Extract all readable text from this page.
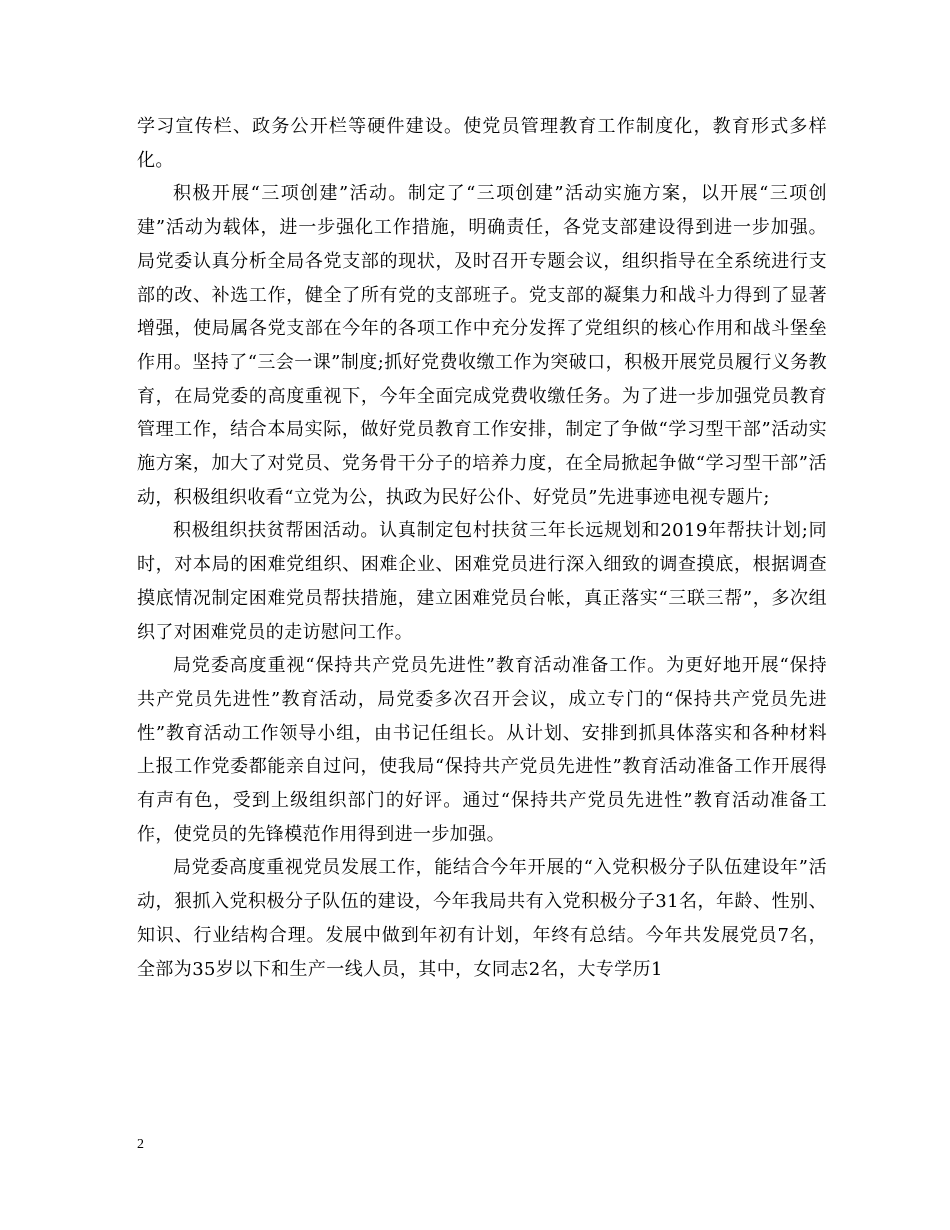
学习宣传栏、政务公开栏等硬件建设。使党员管理教育工作制度化，教育形式多样化。

积极开展“三项创建”活动。制定了“三项创建”活动实施方案，以开展“三项创建”活动为载体，进一步强化工作措施，明确责任，各党支部建设得到进一步加强。局党委认真分析全局各党支部的现状，及时召开专题会议，组织指导在全系统进行支部的改、补选工作，健全了所有党的支部班子。党支部的凝集力和战斗力得到了显著增强，使局属各党支部在今年的各项工作中充分发挥了党组织的核心作用和战斗堡垒作用。坚持了“三会一课”制度;抓好党费收缴工作为突破口，积极开展党员履行义务教育，在局党委的高度重视下，今年全面完成党费收缴任务。为了进一步加强党员教育管理工作，结合本局实际，做好党员教育工作安排，制定了争做“学习型干部”活动实施方案，加大了对党员、党务骨干分子的培养力度，在全局掀起争做“学习型干部”活动，积极组织收看“立党为公，执政为民好公仆、好党员”先进事迹电视专题片;

积极组织扶贫帮困活动。认真制定包村扶贫三年长远规划和2019年帮扶计划;同时，对本局的困难党组织、困难企业、困难党员进行深入细致的调查摸底，根据调查摸底情况制定困难党员帮扶措施，建立困难党员台帐，真正落实“三联三帮”，多次组织了对困难党员的走访慰问工作。

局党委高度重视“保持共产党员先进性”教育活动准备工作。为更好地开展“保持共产党员先进性”教育活动，局党委多次召开会议，成立专门的“保持共产党员先进性”教育活动工作领导小组，由书记任组长。从计划、安排到抓具体落实和各种材料上报工作党委都能亲自过问，使我局“保持共产党员先进性”教育活动准备工作开展得有声有色，受到上级组织部门的好评。通过“保持共产党员先进性”教育活动准备工作，使党员的先锋模范作用得到进一步加强。

局党委高度重视党员发展工作，能结合今年开展的“入党积极分子队伍建设年”活动，狠抓入党积极分子队伍的建设，今年我局共有入党积极分子31名，年龄、性别、知识、行业结构合理。发展中做到年初有计划，年终有总结。今年共发展党员7名，全部为35岁以下和生产一线人员，其中，女同志2名，大专学历1

2
